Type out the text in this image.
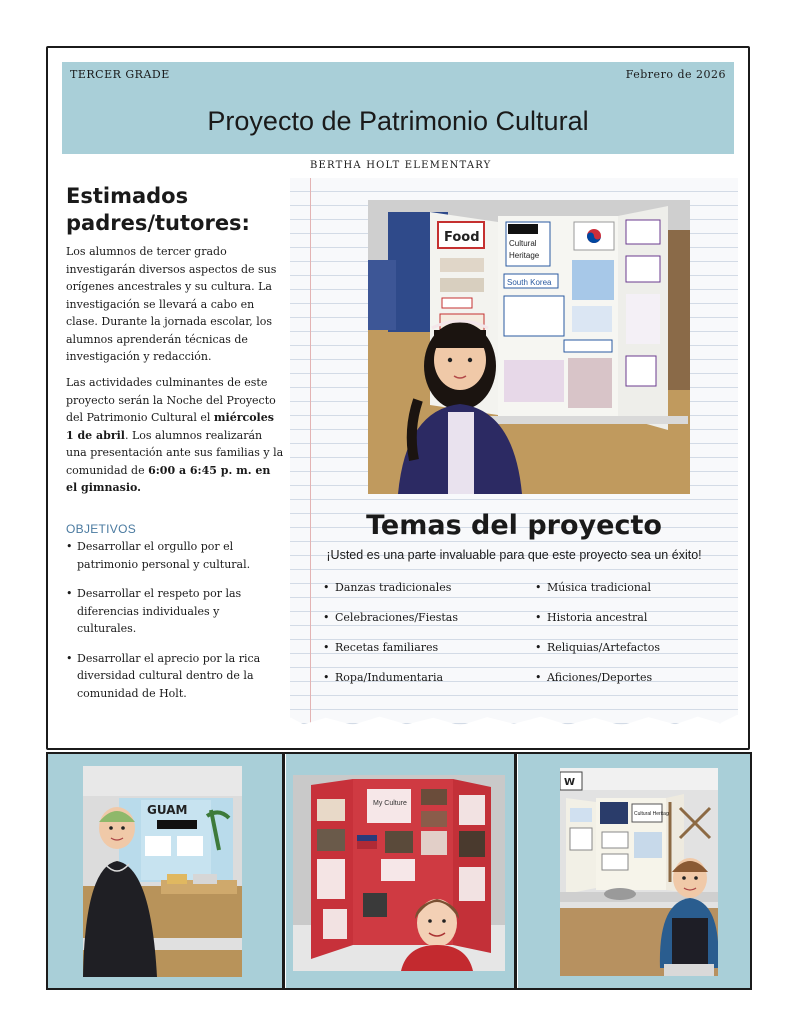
TERCER GRADE	Febrero de 2026
Proyecto de Patrimonio Cultural
BERTHA HOLT ELEMENTARY
Estimados padres/tutores:
Los alumnos de tercer grado investigarán diversos aspectos de sus orígenes ancestrales y su cultura. La investigación se llevará a cabo en clase. Durante la jornada escolar, los alumnos aprenderán técnicas de investigación y redacción.
Las actividades culminantes de este proyecto serán la Noche del Proyecto del Patrimonio Cultural el miércoles 1 de abril. Los alumnos realizarán una presentación ante sus familias y la comunidad de 6:00 a 6:45 p. m. en el gimnasio.
OBJETIVOS
• Desarrollar el orgullo por el patrimonio personal y cultural.
• Desarrollar el respeto por las diferencias individuales y culturales.
• Desarrollar el aprecio por la rica diversidad cultural dentro de la comunidad de Holt.
Food	Cultural
Heritage
South Korea
Temas del proyecto
¡Usted es una parte invaluable para que este proyecto sea un éxito!
• Danzas tradicionales
• Celebraciones/Fiestas
• Recetas familiares
• Ropa/Indumentaria
• Música tradicional
• Historia ancestral
• Reliquias/Artefactos
• Aficiones/Deportes
GUAM	My Culture
W
Cultural Heritage
